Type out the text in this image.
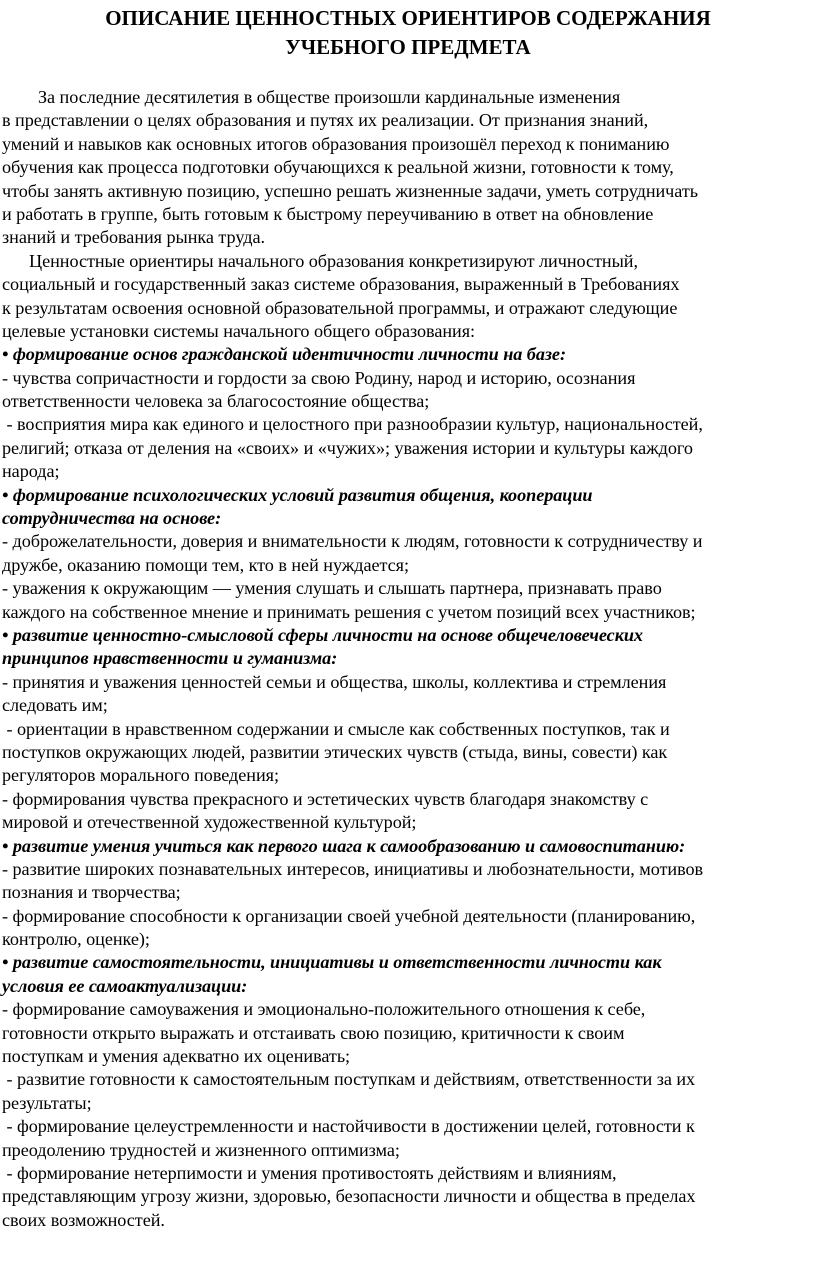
ОПИСАНИЕ ЦЕННОСТНЫХ ОРИЕНТИРОВ СОДЕРЖАНИЯ
УЧЕБНОГО ПРЕДМЕТА
За последние десятилетия в обществе произошли кардинальные изменения
в представлении о целях образования и путях их реализации. От признания знаний,
умений и навыков как основных итогов образования произошёл переход к пониманию
обучения как процесса подготовки обучающихся к реальной жизни, готовности к тому,
чтобы занять активную позицию, успешно решать жизненные задачи, уметь сотрудничать
и работать в группе, быть готовым к быстрому переучиванию в ответ на обновление
знаний и требования рынка труда.
Ценностные ориентиры начального образования конкретизируют личностный,
социальный и государственный заказ системе образования, выраженный в Требованиях
к результатам освоения основной образовательной программы, и отражают следующие
целевые установки системы начального общего образования:
• формирование основ гражданской идентичности личности на базе:
- чувства сопричастности и гордости за свою Родину, народ и историю, осознания
ответственности человека за благосостояние общества;
- восприятия мира как единого и целостного при разнообразии культур, национальностей,
религий; отказа от деления на «своих» и «чужих»; уважения истории и культуры каждого
народа;
• формирование психологических условий развития общения, кооперации
сотрудничества на основе:
- доброжелательности, доверия и внимательности к людям, готовности к сотрудничеству и
дружбе, оказанию помощи тем, кто в ней нуждается;
- уважения к окружающим — умения слушать и слышать партнера, признавать право
каждого на собственное мнение и принимать решения с учетом позиций всех участников;
• развитие ценностно-смысловой сферы личности на основе общечеловеческих
принципов нравственности и гуманизма:
- принятия и уважения ценностей семьи и общества, школы, коллектива и стремления
следовать им;
- ориентации в нравственном содержании и смысле как собственных поступков, так и
поступков окружающих людей, развитии этических чувств (стыда, вины, совести) как
регуляторов морального поведения;
- формирования чувства прекрасного и эстетических чувств благодаря знакомству с
мировой и отечественной художественной культурой;
• развитие умения учиться как первого шага к самообразованию и самовоспитанию:
- развитие широких познавательных интересов, инициативы и любознательности, мотивов
познания и творчества;
- формирование способности к организации своей учебной деятельности (планированию,
контролю, оценке);
• развитие самостоятельности, инициативы и ответственности личности как
условия ее самоактуализации:
- формирование самоуважения и эмоционально-положительного отношения к себе,
готовности открыто выражать и отстаивать свою позицию, критичности к своим
поступкам и умения адекватно их оценивать;
- развитие готовности к самостоятельным поступкам и действиям, ответственности за их
результаты;
- формирование целеустремленности и настойчивости в достижении целей, готовности к
преодолению трудностей и жизненного оптимизма;
- формирование нетерпимости и умения противостоять действиям и влияниям,
представляющим угрозу жизни, здоровью, безопасности личности и общества в пределах
своих возможностей.
